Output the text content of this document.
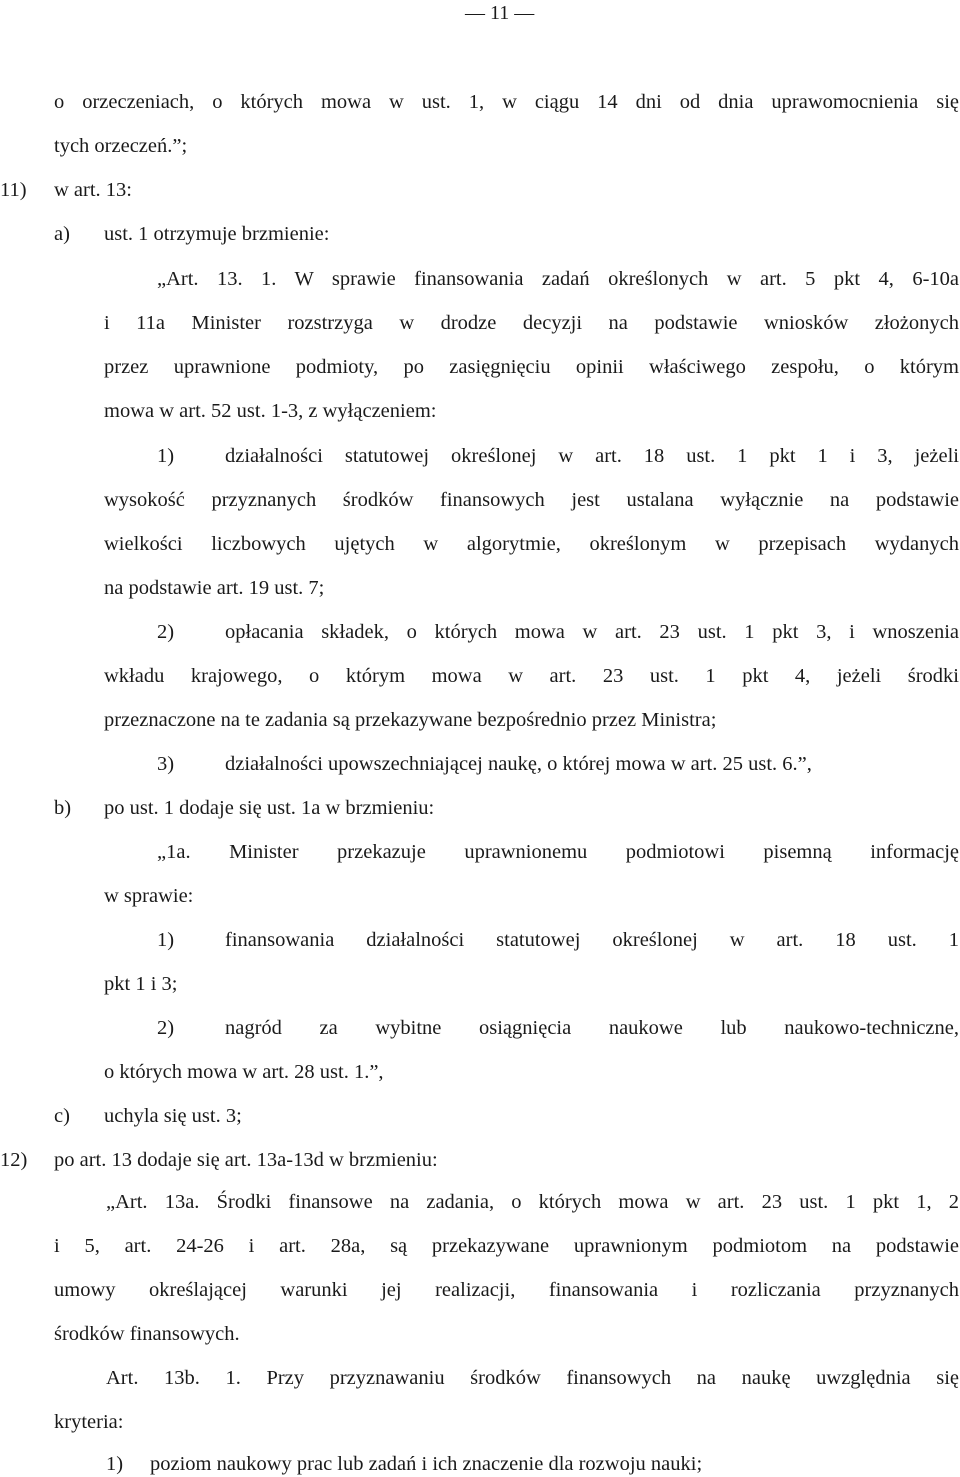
— 11 —
o orzeczeniach, o których mowa w ust. 1, w ciągu 14 dni od dnia uprawomocnienia się
tych orzeczeń.”;
11) w art. 13:
a) ust. 1 otrzymuje brzmienie:
„Art. 13. 1. W sprawie finansowania zadań określonych w art. 5 pkt 4, 6-10a
i 11a Minister rozstrzyga w drodze decyzji na podstawie wniosków złożonych
przez uprawnione podmioty, po zasięgnięciu opinii właściwego zespołu, o którym
mowa w art. 52 ust. 1-3, z wyłączeniem:
1) działalności statutowej określonej w art. 18 ust. 1 pkt 1 i 3, jeżeli
wysokość przyznanych środków finansowych jest ustalana wyłącznie na podstawie
wielkości liczbowych ujętych w algorytmie, określonym w przepisach wydanych
na podstawie art. 19 ust. 7;
2) opłacania składek, o których mowa w art. 23 ust. 1 pkt 3, i wnoszenia
wkładu krajowego, o którym mowa w art. 23 ust. 1 pkt 4, jeżeli środki
przeznaczone na te zadania są przekazywane bezpośrednio przez Ministra;
3) działalności upowszechniającej naukę, o której mowa w art. 25 ust. 6.”,
b) po ust. 1 dodaje się ust. 1a w brzmieniu:
„1a. Minister przekazuje uprawnionemu podmiotowi pisemną informację
w sprawie:
1) finansowania działalności statutowej określonej w art. 18 ust. 1
pkt 1 i 3;
2) nagród za wybitne osiągnięcia naukowe lub naukowo-techniczne,
o których mowa w art. 28 ust. 1.”,
c) uchyla się ust. 3;
12) po art. 13 dodaje się art. 13a-13d w brzmieniu:
„Art. 13a. Środki finansowe na zadania, o których mowa w art. 23 ust. 1 pkt 1, 2
i 5, art. 24-26 i art. 28a, są przekazywane uprawnionym podmiotom na podstawie
umowy określającej warunki jej realizacji, finansowania i rozliczania przyznanych
środków finansowych.
Art. 13b. 1. Przy przyznawaniu środków finansowych na naukę uwzględnia się
kryteria:
1) poziom naukowy prac lub zadań i ich znaczenie dla rozwoju nauki;
